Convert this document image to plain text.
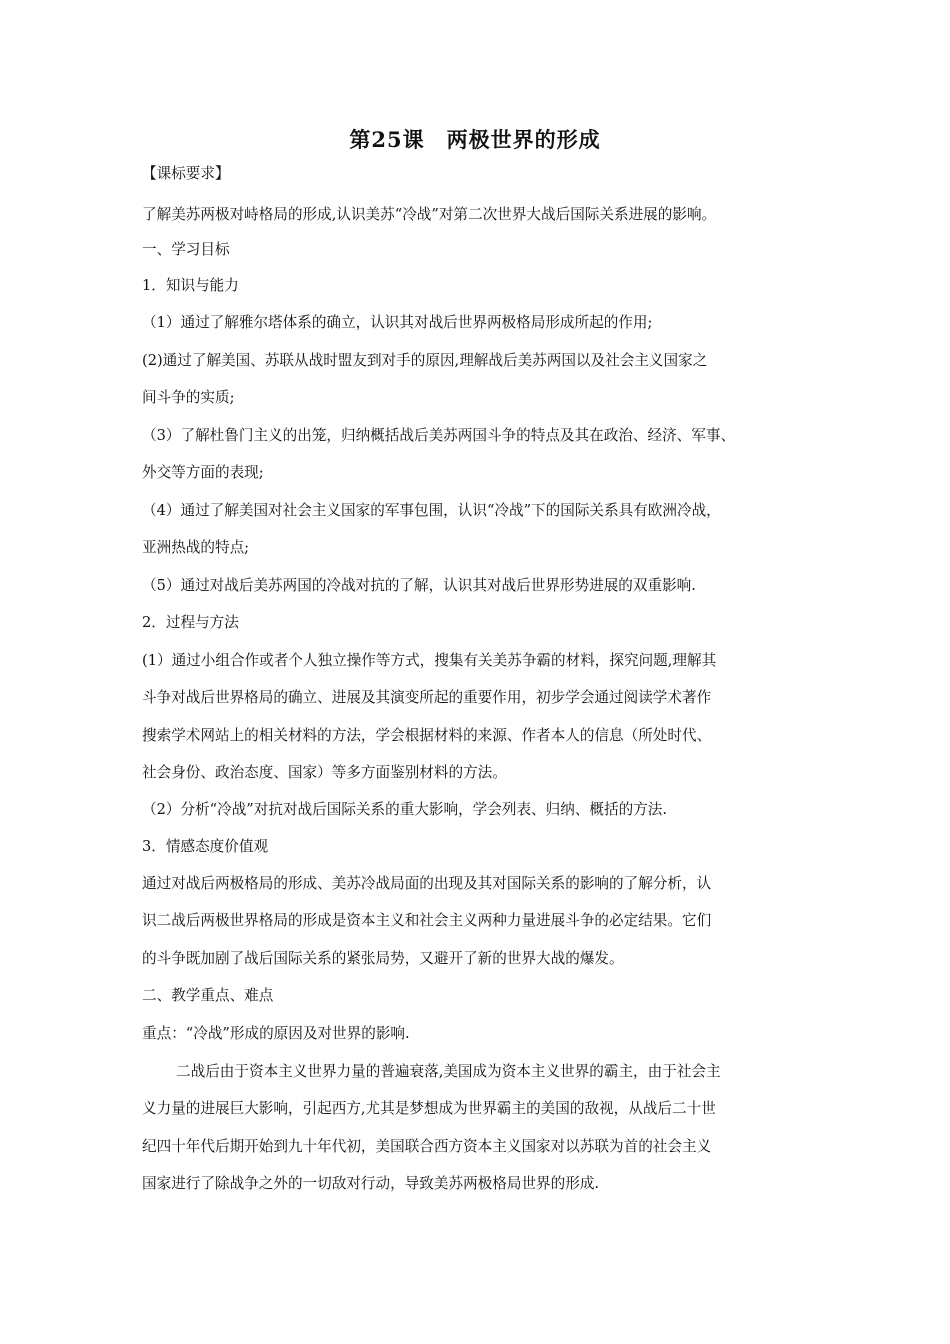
第25课　两极世界的形成
【课标要求】
了解美苏两极对峙格局的形成,认识美苏“冷战”对第二次世界大战后国际关系进展的影响。
一、学习目标
1．知识与能力
（1）通过了解雅尔塔体系的确立，认识其对战后世界两极格局形成所起的作用;
(2)通过了解美国、苏联从战时盟友到对手的原因,理解战后美苏两国以及社会主义国家之
间斗争的实质;
（3）了解杜鲁门主义的出笼，归纳概括战后美苏两国斗争的特点及其在政治、经济、军事、
外交等方面的表现;
（4）通过了解美国对社会主义国家的军事包围，认识“冷战”下的国际关系具有欧洲冷战，
亚洲热战的特点;
（5）通过对战后美苏两国的冷战对抗的了解，认识其对战后世界形势进展的双重影响.
2．过程与方法
(1）通过小组合作或者个人独立操作等方式，搜集有关美苏争霸的材料，探究问题,理解其
斗争对战后世界格局的确立、进展及其演变所起的重要作用，初步学会通过阅读学术著作
搜索学术网站上的相关材料的方法，学会根据材料的来源、作者本人的信息（所处时代、
社会身份、政治态度、国家）等多方面鉴别材料的方法。
（2）分析“冷战”对抗对战后国际关系的重大影响，学会列表、归纳、概括的方法.
3．情感态度价值观
通过对战后两极格局的形成、美苏冷战局面的出现及其对国际关系的影响的了解分析，认
识二战后两极世界格局的形成是资本主义和社会主义两种力量进展斗争的必定结果。它们
的斗争既加剧了战后国际关系的紧张局势，又避开了新的世界大战的爆发。
二、教学重点、难点
重点：“冷战”形成的原因及对世界的影响.
二战后由于资本主义世界力量的普遍衰落,美国成为资本主义世界的霸主，由于社会主
义力量的进展巨大影响，引起西方,尤其是梦想成为世界霸主的美国的敌视，从战后二十世
纪四十年代后期开始到九十年代初，美国联合西方资本主义国家对以苏联为首的社会主义
国家进行了除战争之外的一切敌对行动，导致美苏两极格局世界的形成.
